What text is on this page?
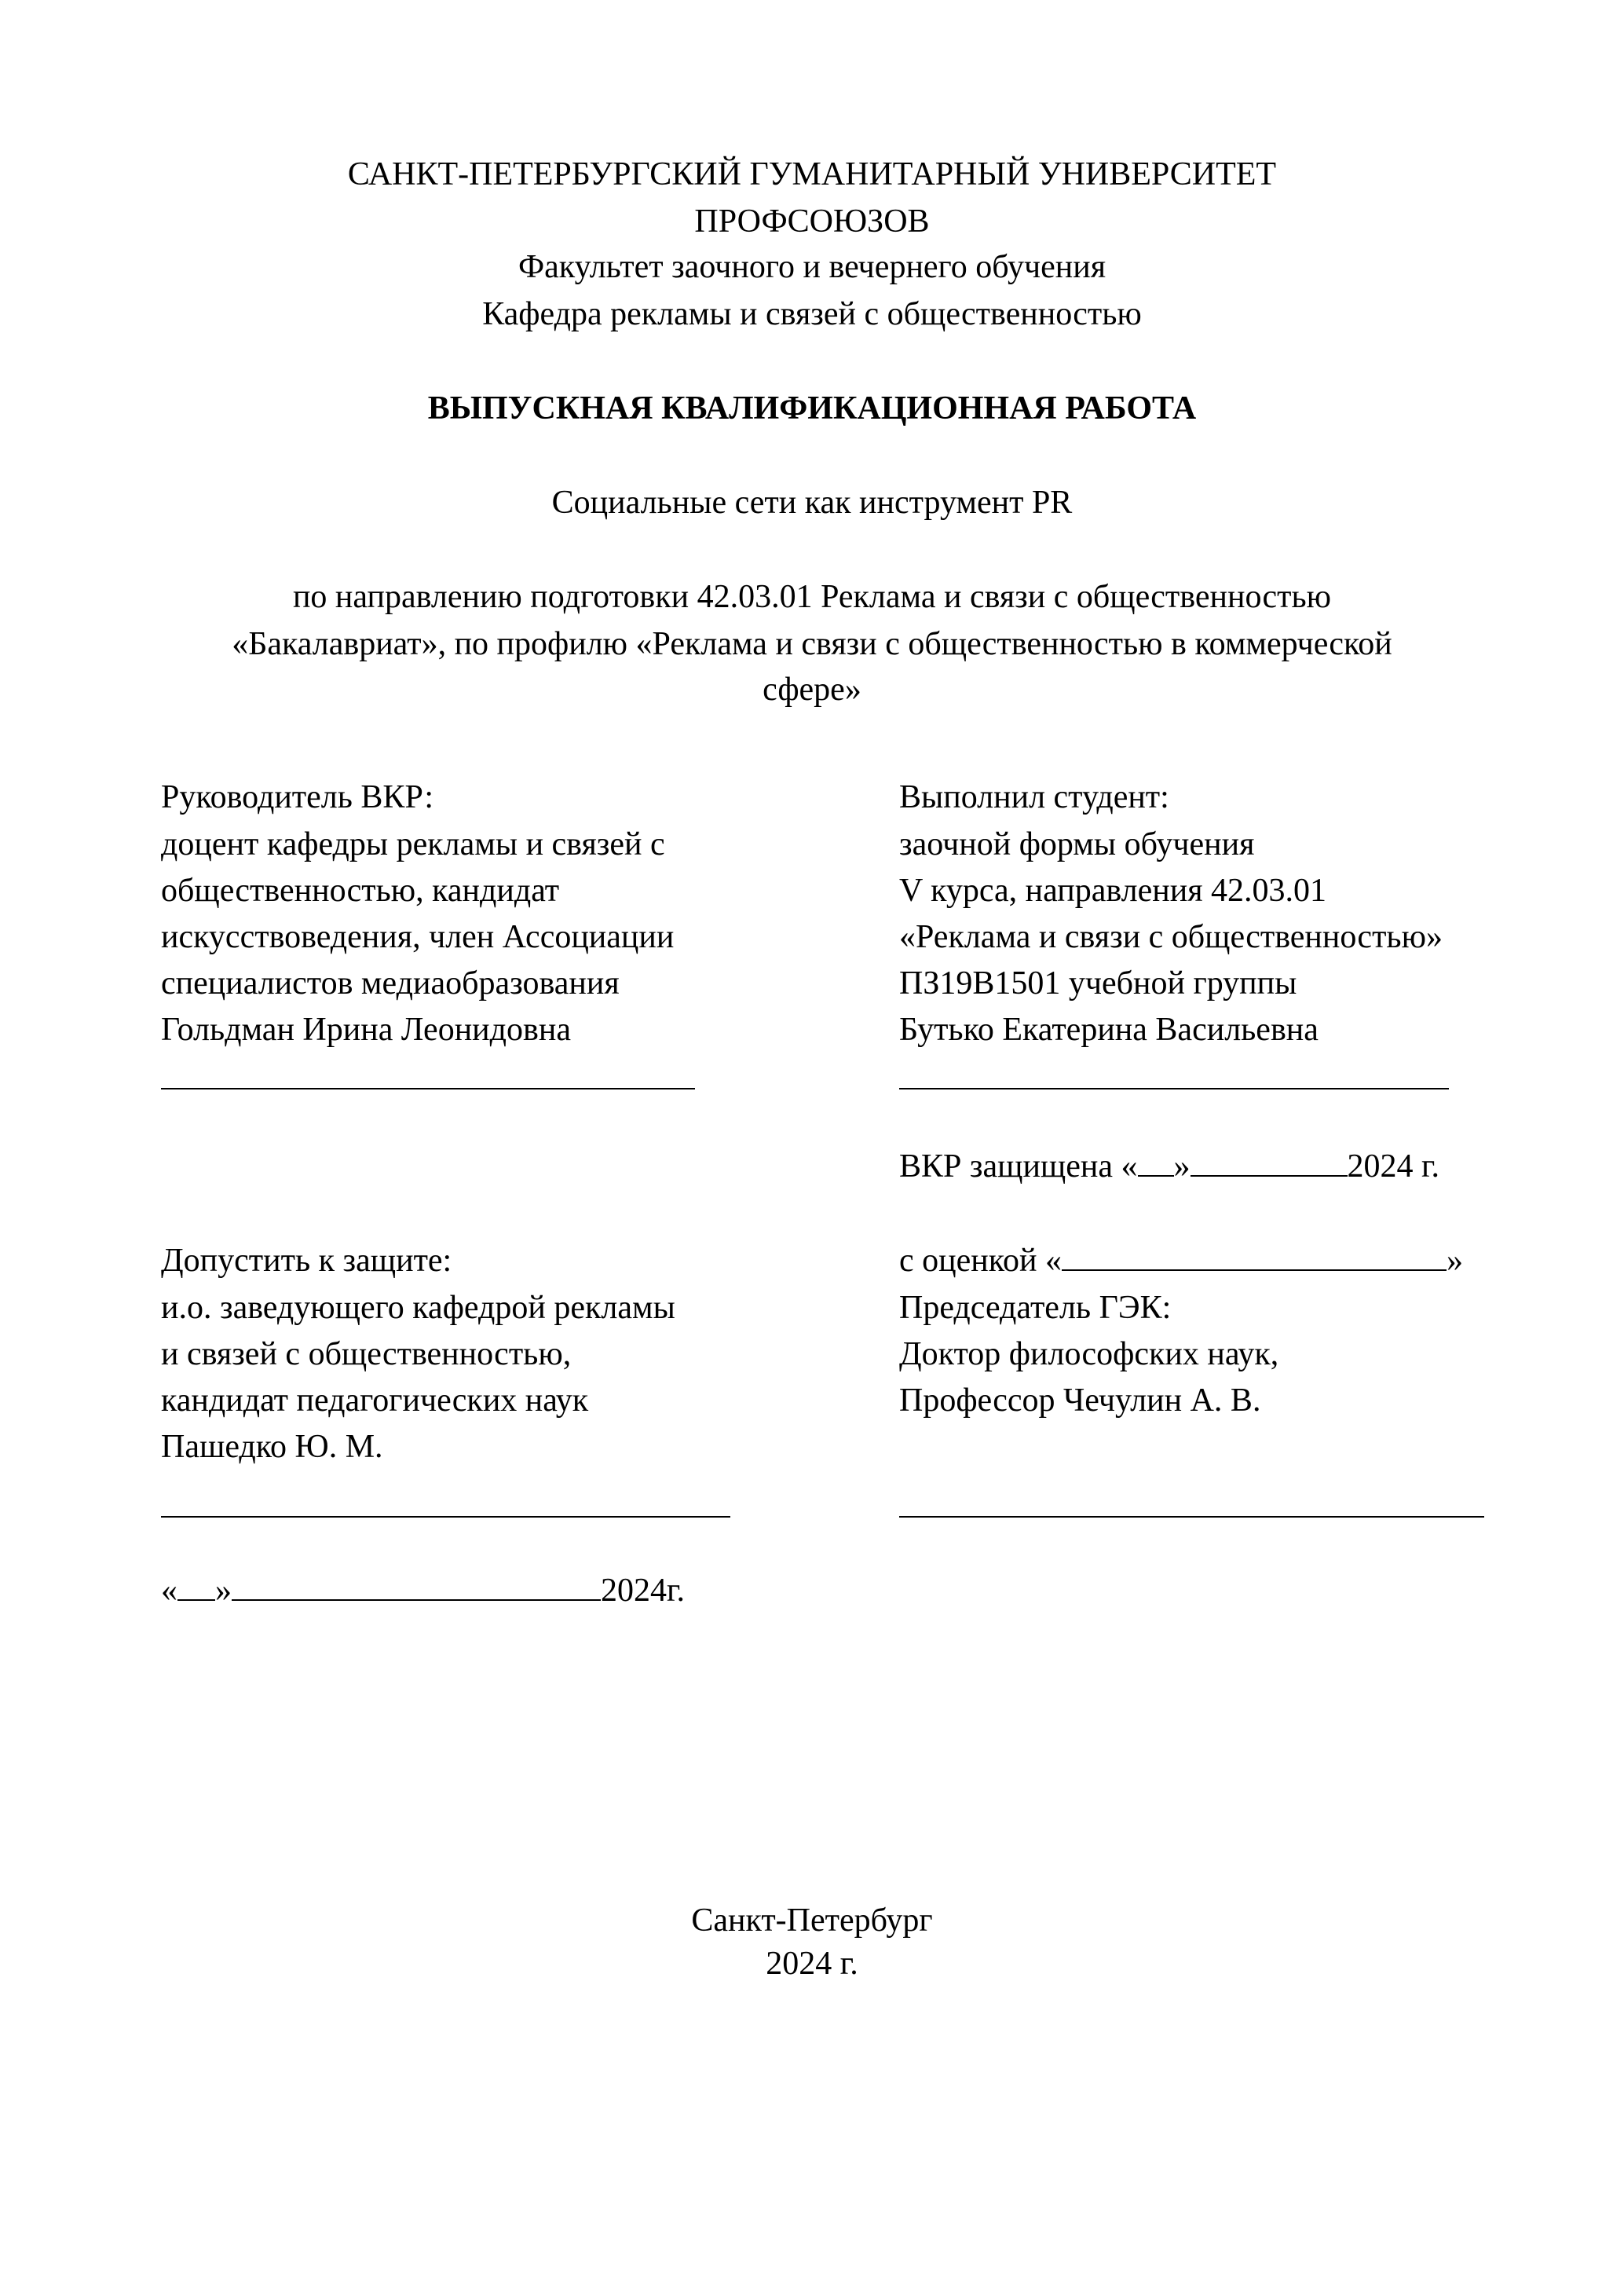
САНКТ-ПЕТЕРБУРГСКИЙ ГУМАНИТАРНЫЙ УНИВЕРСИТЕТ
ПРОФСОЮЗОВ
Факультет заочного и вечернего обучения
Кафедра рекламы и связей с общественностью
ВЫПУСКНАЯ КВАЛИФИКАЦИОННАЯ РАБОТА
Социальные сети как инструмент PR
по направлению подготовки 42.03.01 Реклама и связи с общественностью
«Бакалавриат», по профилю «Реклама и связи с общественностью в коммерческой
сфере»
Руководитель ВКР:
доцент кафедры рекламы и связей с
общественностью, кандидат
искусствоведения, член Ассоциации
специалистов медиаобразования
Гольдман Ирина Леонидовна
Выполнил студент:
заочной формы обучения
V курса, направления 42.03.01
«Реклама и связи с общественностью»
ПЗ19В1501 учебной группы
Бутько Екатерина Васильевна
ВКР защищена « »	2024 г.
с оценкой «	»
Председатель ГЭК:
Доктор философских наук,
Профессор Чечулин А. В.
Допустить к защите:
и.о. заведующего кафедрой рекламы
и связей с общественностью,
кандидат педагогических наук
Пашедко Ю. М.
« »	2024г.
Санкт-Петербург
2024 г.
